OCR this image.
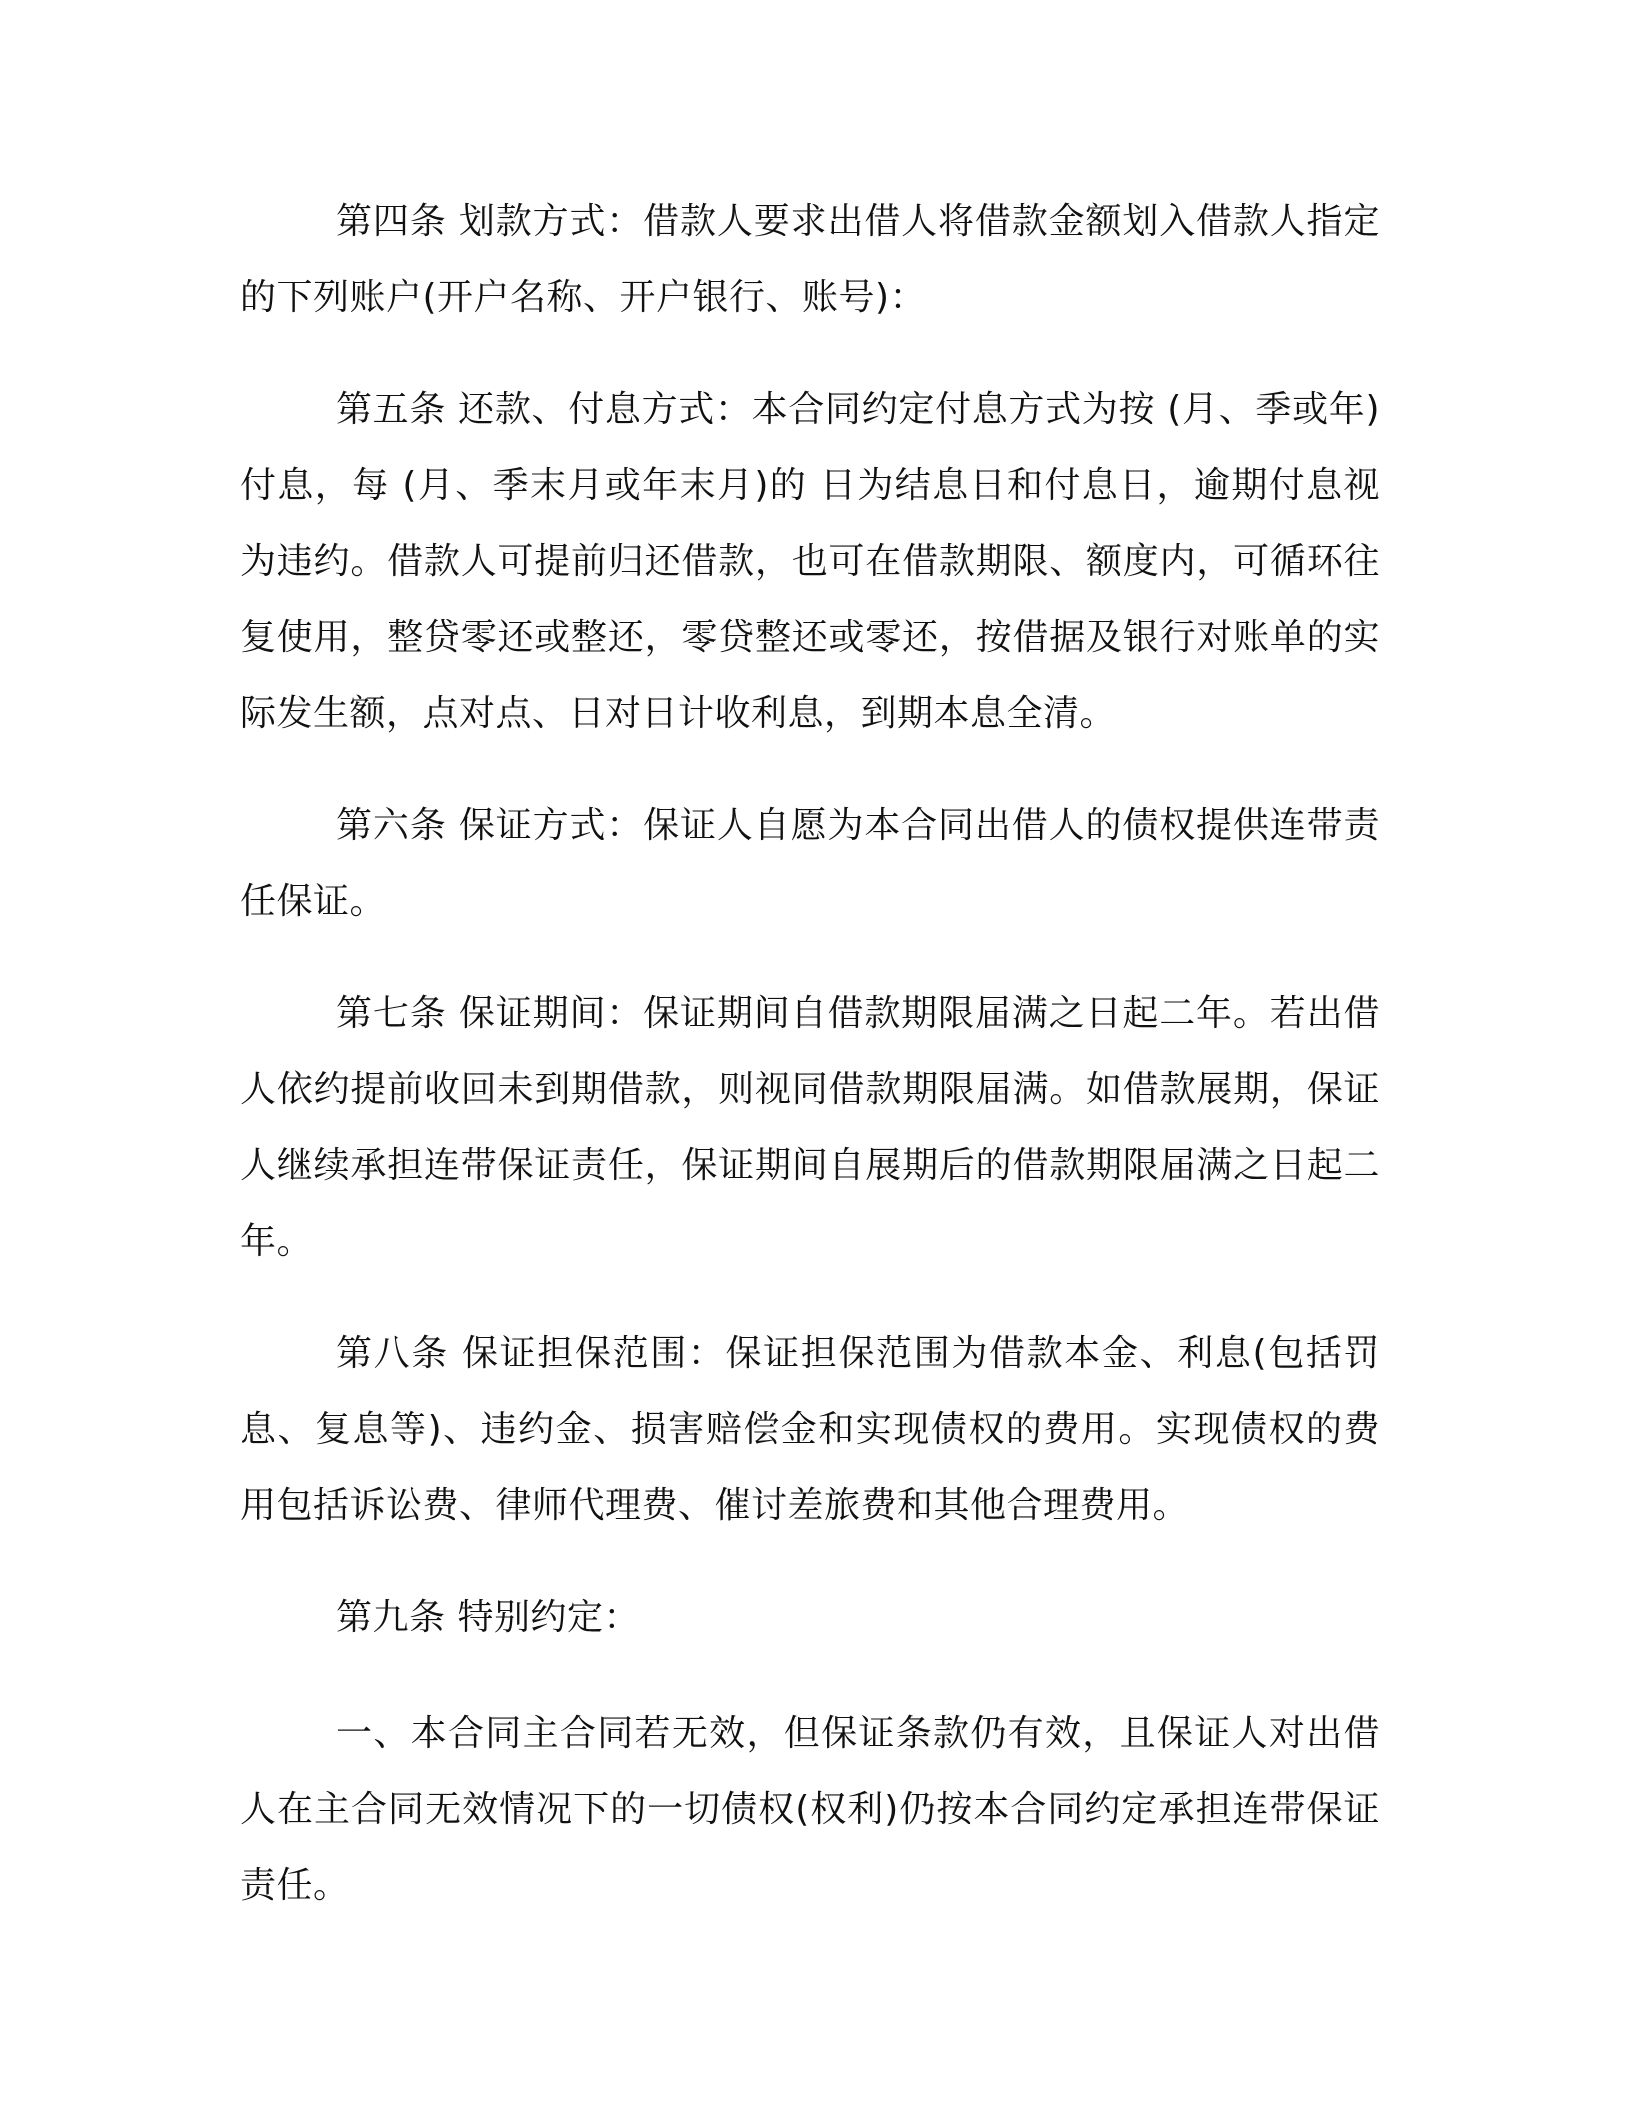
第四条 划款方式：借款人要求出借人将借款金额划入借款人指定的下列账户(开户名称、开户银行、账号)：

第五条 还款、付息方式：本合同约定付息方式为按 (月、季或年)付息，每 (月、季末月或年末月)的 日为结息日和付息日，逾期付息视为违约。借款人可提前归还借款，也可在借款期限、额度内，可循环往复使用，整贷零还或整还，零贷整还或零还，按借据及银行对账单的实际发生额，点对点、日对日计收利息，到期本息全清。

第六条 保证方式：保证人自愿为本合同出借人的债权提供连带责任保证。

第七条 保证期间：保证期间自借款期限届满之日起二年。若出借人依约提前收回未到期借款，则视同借款期限届满。如借款展期，保证人继续承担连带保证责任，保证期间自展期后的借款期限届满之日起二年。

第八条 保证担保范围：保证担保范围为借款本金、利息(包括罚息、复息等)、违约金、损害赔偿金和实现债权的费用。实现债权的费用包括诉讼费、律师代理费、催讨差旅费和其他合理费用。

第九条 特别约定：

一、本合同主合同若无效，但保证条款仍有效，且保证人对出借人在主合同无效情况下的一切债权(权利)仍按本合同约定承担连带保证责任。
